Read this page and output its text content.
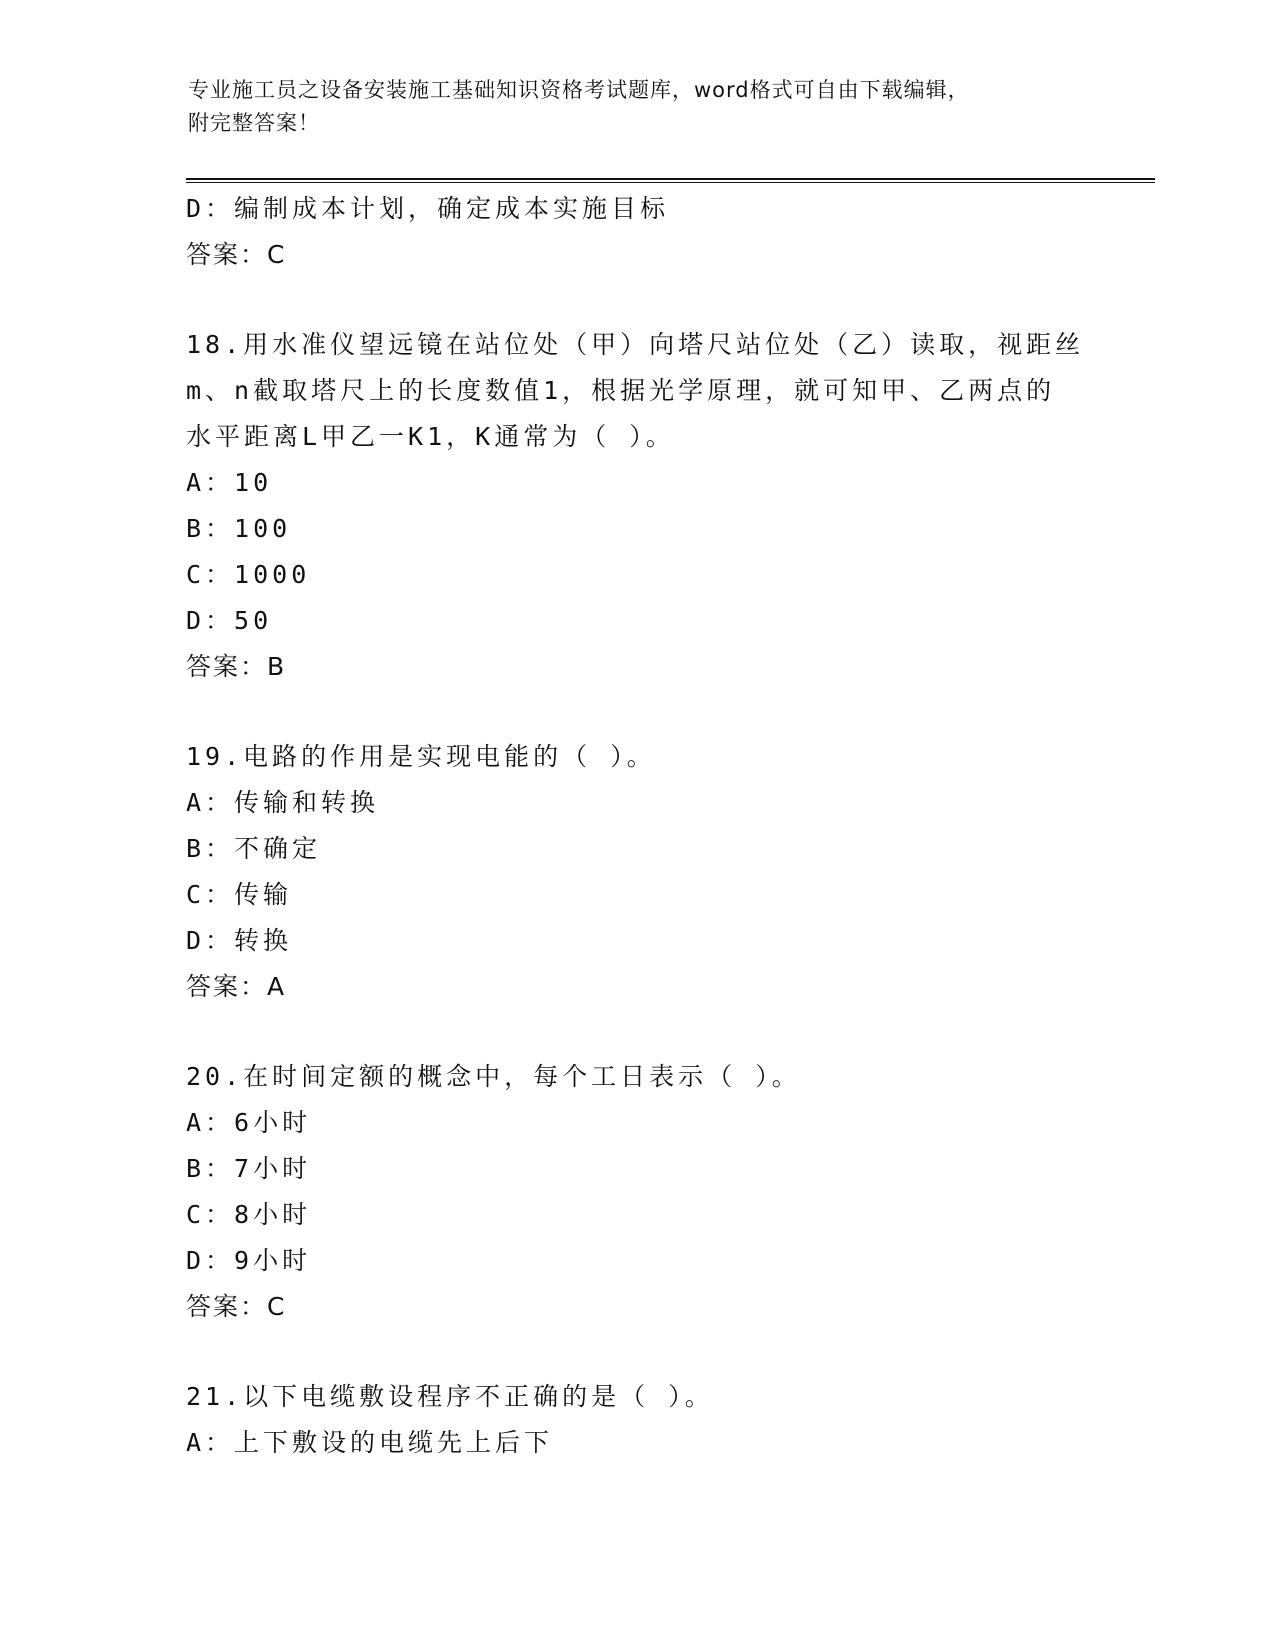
专业施工员之设备安装施工基础知识资格考试题库，word格式可自由下载编辑，
附完整答案！
D：编制成本计划，确定成本实施目标
答案：C
18.用水准仪望远镜在站位处（甲）向塔尺站位处（乙）读取，视距丝
m、n截取塔尺上的长度数值1，根据光学原理，就可知甲、乙两点的
水平距离L甲乙一K1，K通常为（ ）。
A：10
B：100
C：1000
D：50
答案：B
19.电路的作用是实现电能的（ ）。
A：传输和转换
B：不确定
C：传输
D：转换
答案：A
20.在时间定额的概念中，每个工日表示（ ）。
A：6小时
B：7小时
C：8小时
D：9小时
答案：C
21.以下电缆敷设程序不正确的是（ ）。
A：上下敷设的电缆先上后下
